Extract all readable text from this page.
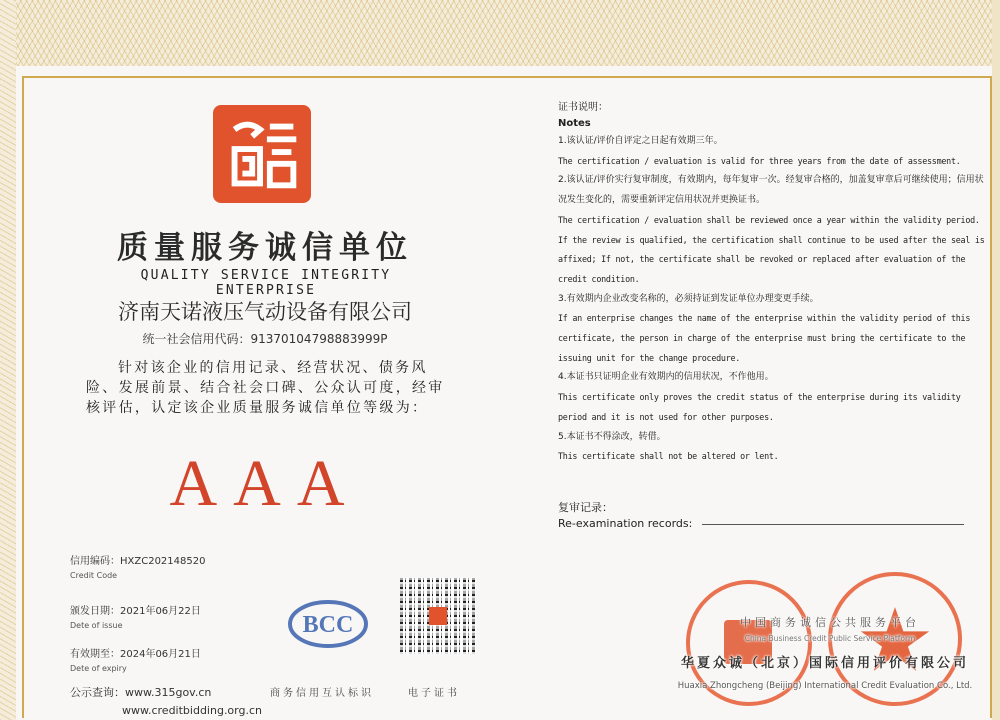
质量服务诚信单位
QUALITY SERVICE INTEGRITY ENTERPRISE
济南天诺液压气动设备有限公司
统一社会信用代码：91370104798883999P
针对该企业的信用记录、经营状况、债务风险、发展前景、结合社会口碑、公众认可度，经审核评估，认定该企业质量服务诚信单位等级为：
AAA
信用编码：HXZC202148520
Credit Code
颁发日期：2021年06月22日
Dete of issue
有效期至：2024年06月21日
Dete of expiry
公示查询：www.315gov.cn
www.creditbidding.org.cn
BCC
商务信用互认标识	电子证书
证书说明：
Notes
1.该认证/评价自评定之日起有效期三年。
The certification / evaluation is valid for three years from the date of assessment.
2.该认证/评价实行复审制度，有效期内，每年复审一次。经复审合格的，加盖复审章后可继续使用；信用状况发生变化的，需要重新评定信用状况并更换证书。
The certification / evaluation shall be reviewed once a year within the validity period. If the review is qualified, the certification shall continue to be used after the seal is affixed; If not, the certificate shall be revoked or replaced after evaluation of the credit condition.
3.有效期内企业改变名称的，必须持证到发证单位办理变更手续。
If an enterprise changes the name of the enterprise within the validity period of this certificate, the person in charge of the enterprise must bring the certificate to the issuing unit for the change procedure.
4.本证书只证明企业有效期内的信用状况，不作他用。
This certificate only proves the credit status of the enterprise during its validity period and it is not used for other purposes.
5.本证书不得涂改，转借。
This certificate shall not be altered or lent.
复审记录：
Re-examination records:
中国商务诚信公共服务平台
China Business Credit Public Service Platform
华夏众诚（北京）国际信用评价有限公司
Huaxia Zhongcheng (Beijing) International Credit Evaluation Co., Ltd.
